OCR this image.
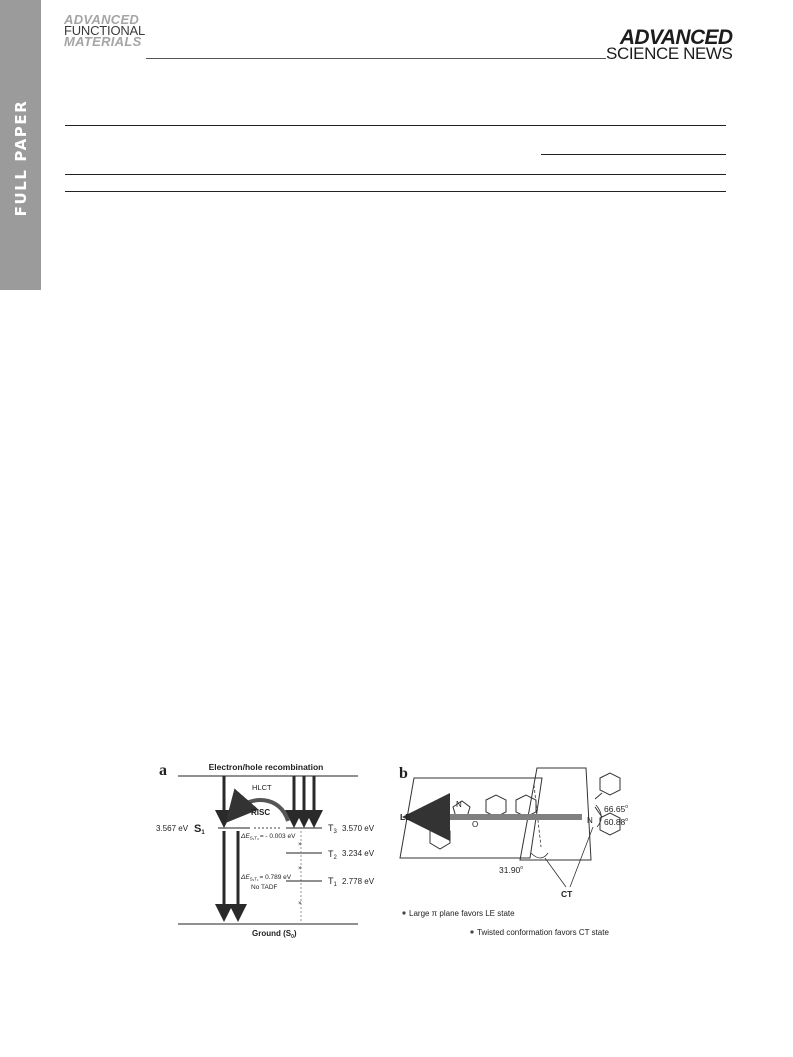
FULL PAPER
ADVANCED
FUNCTIONAL
MATERIALS	ADVANCED
SCIENCE NEWS
a	Electron/hole recombination
HLCT
RISC
3.567 eV S1	$T_3$ 3.570 eV
$\Delta E_{S_1T_3}= - 0.003$ eV
$T_2$ 3.234 eV
×
×
×
$\Delta E_{S_1T_1}= 0.789$ eV
No TADF
$T_1$ 2.778 eV
Ground $(S_0)$
b
O
H N
O	N
LE
CT
66.65$^o$
60.88$^o$
31.90$^o$
Large π plane favors LE state
Twisted conformation favors CT state
